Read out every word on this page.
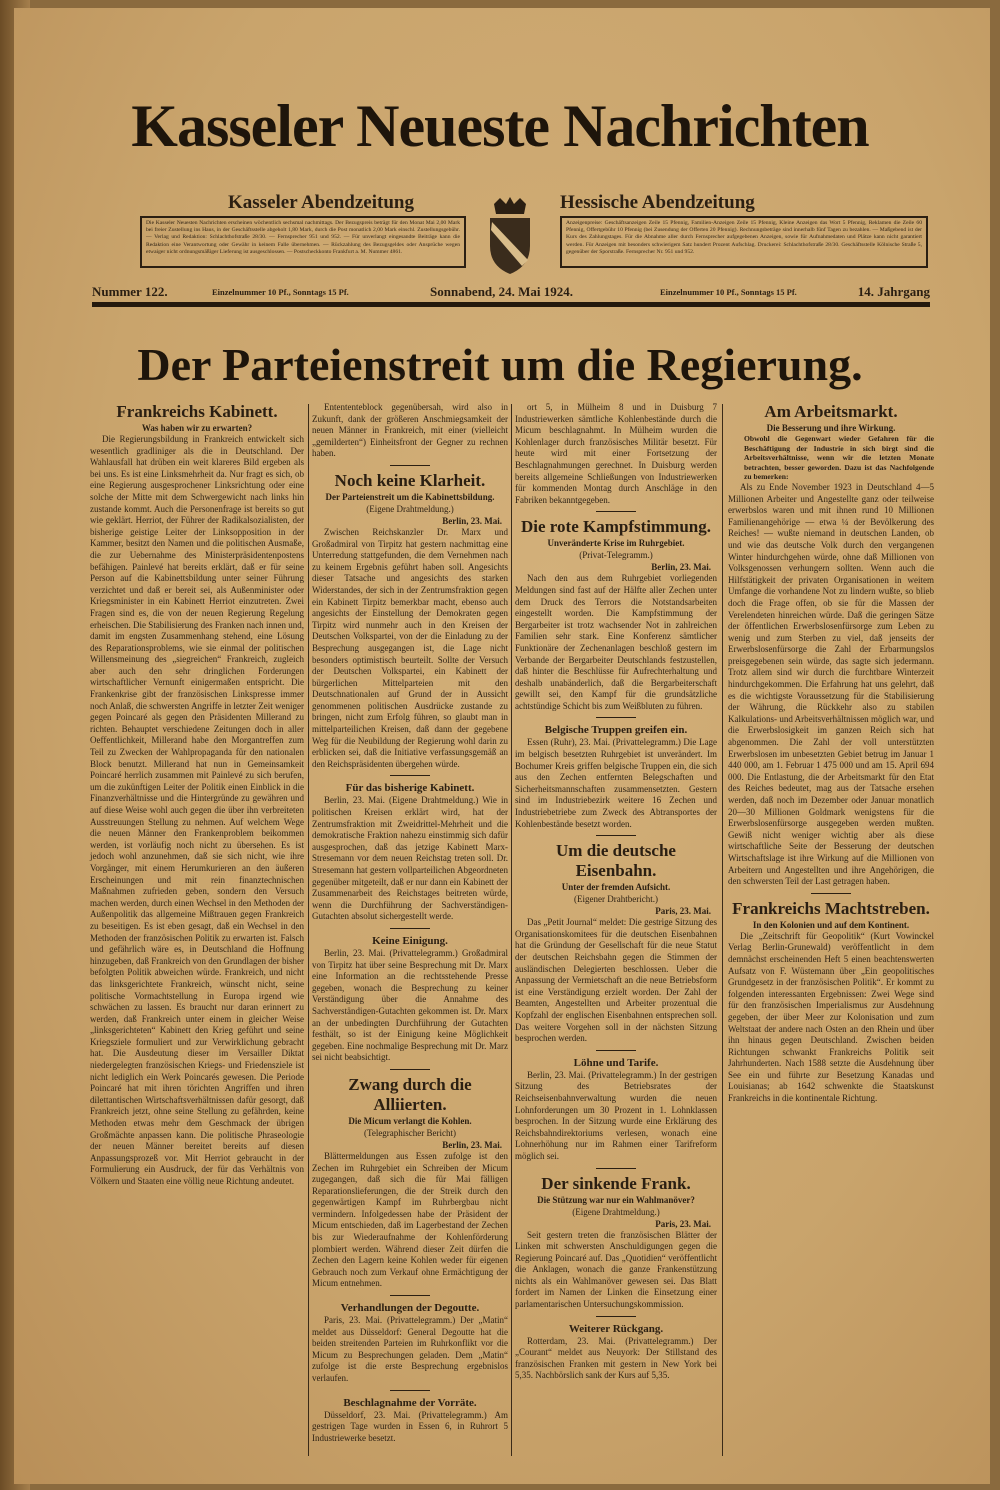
Kasseler Neueste Nachrichten
Kasseler Abendzeitung	Hessische Abendzeitung
Die Kasseler Neuesten Nachrichten erscheinen wöchentlich sechsmal nachmittags. Der Bezugspreis beträgt für den Monat Mai 2,00 Mark bei freier Zustellung ins Haus, in der Geschäftsstelle abgeholt 1,80 Mark, durch die Post monatlich 2,00 Mark einschl. Zustellungsgebühr. — Verlag und Redaktion: Schlachthofstraße 28/30. — Fernsprecher 951 und 952. — Für unverlangt eingesandte Beiträge kann die Redaktion eine Verantwortung oder Gewähr in keinem Falle übernehmen. — Rückzahlung des Bezugsgeldes oder Ansprüche wegen etwaiger nicht ordnungsmäßiger Lieferung ist ausgeschlossen. — Postscheckkonto Frankfurt a. M. Nummer 4861.
Anzeigenpreise: Geschäftsanzeigen Zeile 15 Pfennig, Familien-Anzeigen Zeile 15 Pfennig, Kleine Anzeigen das Wort 5 Pfennig, Reklamen die Zeile 60 Pfennig, Offertgebühr 10 Pfennig (bei Zusendung der Offerten 20 Pfennig). Rechnungsbeträge sind innerhalb fünf Tagen zu bezahlen. — Maßgebend ist der Kurs des Zahlungstages. Für die Abnahme aller durch Fernsprecher aufgegebenen Anzeigen, sowie für Aufnahmedaten und Plätze kann nicht garantiert werden. Für Anzeigen mit besonders schwierigem Satz hundert Prozent Aufschlag. Druckerei: Schlachthofstraße 28/30. Geschäftsstelle Kölnische Straße 5, gegenüber der Sporstraße. Fernsprecher Nr. 951 und 952.
Nummer 122.	Einzelnummer 10 Pf., Sonntags 15 Pf.	Sonnabend, 24. Mai 1924.	Einzelnummer 10 Pf., Sonntags 15 Pf.	14. Jahrgang
Der Parteienstreit um die Regierung.
Frankreichs Kabinett.
Was haben wir zu erwarten?
Die Regierungsbildung in Frankreich entwickelt sich wesentlich gradliniger als die in Deutschland. Der Wahlausfall hat drüben ein weit klareres Bild ergeben als bei uns. Es ist eine Linksmehrheit da. Nur fragt es sich, ob eine Regierung ausgesprochener Linksrichtung oder eine solche der Mitte mit dem Schwergewicht nach links hin zustande kommt. Auch die Personenfrage ist bereits so gut wie geklärt. Herriot, der Führer der Radikalsozialisten, der bisherige geistige Leiter der Linksopposition in der Kammer, besitzt den Namen und die politischen Ausmaße, die zur Uebernahme des Ministerpräsidentenpostens befähigen. Painlevé hat bereits erklärt, daß er für seine Person auf die Kabinettsbildung unter seiner Führung verzichtet und daß er bereit sei, als Außenminister oder Kriegsminister in ein Kabinett Herriot einzutreten. Zwei Fragen sind es, die von der neuen Regierung Regelung erheischen. Die Stabilisierung des Franken nach innen und, damit im engsten Zusammenhang stehend, eine Lösung des Reparationsproblems, wie sie einmal der politischen Willensmeinung des „siegreichen“ Frankreich, zugleich aber auch den sehr dringlichen Forderungen wirtschaftlicher Vernunft einigermaßen entspricht. Die Frankenkrise gibt der französischen Linkspresse immer noch Anlaß, die schwersten Angriffe in letzter Zeit weniger gegen Poincaré als gegen den Präsidenten Millerand zu richten. Behauptet verschiedene Zeitungen doch in aller Oeffentlichkeit, Millerand habe den Morgantreffen zum Teil zu Zwecken der Wahlpropaganda für den nationalen Block benutzt. Millerand hat nun in Gemeinsamkeit Poincaré herrlich zusammen mit Painlevé zu sich berufen, um die zukünftigen Leiter der Politik einen Einblick in die Finanzverhältnisse und die Hintergründe zu gewähren und auf diese Weise wohl auch gegen die über ihn verbreiteten Ausstreuungen Stellung zu nehmen. Auf welchem Wege die neuen Männer den Frankenproblem beikommen werden, ist vorläufig noch nicht zu übersehen. Es ist jedoch wohl anzunehmen, daß sie sich nicht, wie ihre Vorgänger, mit einem Herumkurieren an den äußeren Erscheinungen und mit rein finanztechnischen Maßnahmen zufrieden geben, sondern den Versuch machen werden, durch einen Wechsel in den Methoden der Außenpolitik das allgemeine Mißtrauen gegen Frankreich zu beseitigen. Es ist eben gesagt, daß ein Wechsel in den Methoden der französischen Politik zu erwarten ist. Falsch und gefährlich wäre es, in Deutschland die Hoffnung hinzugeben, daß Frankreich von den Grundlagen der bisher befolgten Politik abweichen würde. Frankreich, und nicht das linksgerichtete Frankreich, wünscht nicht, seine politische Vormachtstellung in Europa irgend wie schwächen zu lassen. Es braucht nur daran erinnert zu werden, daß Frankreich unter einem in gleicher Weise „linksgerichteten“ Kabinett den Krieg geführt und seine Kriegsziele formuliert und zur Verwirklichung gebracht hat. Die Ausdeutung dieser im Versailler Diktat niedergelegten französischen Kriegs- und Friedensziele ist nicht lediglich ein Werk Poincarés gewesen. Die Periode Poincaré hat mit ihren törichten Angriffen und ihren dilettantischen Wirtschaftsverhältnissen dafür gesorgt, daß Frankreich jetzt, ohne seine Stellung zu gefährden, keine Methoden etwas mehr dem Geschmack der übrigen Großmächte anpassen kann. Die politische Phraseologie der neuen Männer bereitet bereits auf diesen Anpassungsprozeß vor. Mit Herriot gebraucht in der Formulierung ein Ausdruck, der für das Verhältnis von Völkern und Staaten eine völlig neue Richtung andeutet.
Entententeblock gegenübersah, wird also in Zukunft, dank der größeren Anschmiegsamkeit der neuen Männer in Frankreich, mit einer (vielleicht „gemilderten“) Einheitsfront der Gegner zu rechnen haben.
Noch keine Klarheit.
Der Parteienstreit um die Kabinettsbildung.
(Eigene Drahtmeldung.)
Berlin, 23. Mai.
Zwischen Reichskanzler Dr. Marx und Großadmiral von Tirpitz hat gestern nachmittag eine Unterredung stattgefunden, die dem Vernehmen nach zu keinem Ergebnis geführt haben soll. Angesichts dieser Tatsache und angesichts des starken Widerstandes, der sich in der Zentrumsfraktion gegen ein Kabinett Tirpitz bemerkbar macht, ebenso auch angesichts der Einstellung der Demokraten gegen Tirpitz wird nunmehr auch in den Kreisen der Deutschen Volkspartei, von der die Einladung zu der Besprechung ausgegangen ist, die Lage nicht besonders optimistisch beurteilt. Sollte der Versuch der Deutschen Volkspartei, ein Kabinett der bürgerlichen Mittelparteien mit den Deutschnationalen auf Grund der in Aussicht genommenen politischen Ausdrücke zustande zu bringen, nicht zum Erfolg führen, so glaubt man in mittelparteilichen Kreisen, daß dann der gegebene Weg für die Neubildung der Regierung wohl darin zu erblicken sei, daß die Initiative verfassungsgemäß an den Reichspräsidenten übergehen würde.
Für das bisherige Kabinett.
Berlin, 23. Mai. (Eigene Drahtmeldung.) Wie in politischen Kreisen erklärt wird, hat der Zentrumsfraktion mit Zweidrittel-Mehrheit und die demokratische Fraktion nahezu einstimmig sich dafür ausgesprochen, daß das jetzige Kabinett Marx-Stresemann vor dem neuen Reichstag treten soll. Dr. Stresemann hat gestern vollparteilichen Abgeordneten gegenüber mitgeteilt, daß er nur dann ein Kabinett der Zusammenarbeit des Reichstages beitreten würde, wenn die Durchführung der Sachverständigen-Gutachten absolut sichergestellt werde.
Keine Einigung.
Berlin, 23. Mai. (Privattelegramm.) Großadmiral von Tirpitz hat über seine Besprechung mit Dr. Marx eine Information an die rechtsstehende Presse gegeben, wonach die Besprechung zu keiner Verständigung über die Annahme des Sachverständigen-Gutachten gekommen ist. Dr. Marx an der unbedingten Durchführung der Gutachten festhält, so ist der Einigung keine Möglichkeit gegeben. Eine nochmalige Besprechung mit Dr. Marz sei nicht beabsichtigt.
Zwang durch die Alliierten.
Die Micum verlangt die Kohlen.
(Telegraphischer Bericht)
Berlin, 23. Mai.
Blättermeldungen aus Essen zufolge ist den Zechen im Ruhrgebiet ein Schreiben der Micum zugegangen, daß sich die für Mai fälligen Reparationslieferungen, die der Streik durch den gegenwärtigen Kampf im Ruhrbergbau nicht vermindern. Infolgedessen habe der Präsident der Micum entschieden, daß im Lagerbestand der Zechen bis zur Wiederaufnahme der Kohlenförderung plombiert werden. Während dieser Zeit dürfen die Zechen den Lagern keine Kohlen weder für eigenen Gebrauch noch zum Verkauf ohne Ermächtigung der Micum entnehmen.
Verhandlungen der Degoutte.
Paris, 23. Mai. (Privattelegramm.) Der „Matin“ meldet aus Düsseldorf: General Degoutte hat die beiden streitenden Parteien im Ruhrkonflikt vor die Micum zu Besprechungen geladen. Dem „Matin“ zufolge ist die erste Besprechung ergebnislos verlaufen.
Beschlagnahme der Vorräte.
Düsseldorf, 23. Mai. (Privattelegramm.) Am gestrigen Tage wurden in Essen 6, in Ruhrort 5 Industriewerke besetzt.
ort 5, in Mülheim 8 und in Duisburg 7 Industriewerken sämtliche Kohlenbestände durch die Micum beschlagnahmt. In Mülheim wurden die Kohlenlager durch französisches Militär besetzt. Für heute wird mit einer Fortsetzung der Beschlagnahmungen gerechnet. In Duisburg werden bereits allgemeine Schließungen von Industriewerken für kommenden Montag durch Anschläge in den Fabriken bekanntgegeben.
Die rote Kampfstimmung.
Unveränderte Krise im Ruhrgebiet.
(Privat-Telegramm.)
Berlin, 23. Mai.
Nach den aus dem Ruhrgebiet vorliegenden Meldungen sind fast auf der Hälfte aller Zechen unter dem Druck des Terrors die Notstandsarbeiten eingestellt worden. Die Kampfstimmung der Bergarbeiter ist trotz wachsender Not in zahlreichen Familien sehr stark. Eine Konferenz sämtlicher Funktionäre der Zechenanlagen beschloß gestern im Verbande der Bergarbeiter Deutschlands festzustellen, daß hinter die Beschlüsse für Aufrechterhaltung und deshalb unabänderlich, daß die Bergarbeiterschaft gewillt sei, den Kampf für die grundsätzliche achtstündige Schicht bis zum Weißbluten zu führen.
Belgische Truppen greifen ein.
Essen (Ruhr), 23. Mai. (Privattelegramm.) Die Lage im belgisch besetzten Ruhrgebiet ist unverändert. Im Bochumer Kreis griffen belgische Truppen ein, die sich aus den Zechen entfernten Belegschaften und Sicherheitsmannschaften zusammensetzten. Gestern sind im Industriebezirk weitere 16 Zechen und Industriebetriebe zum Zweck des Abtransportes der Kohlenbestände besetzt worden.
Um die deutsche Eisenbahn.
Unter der fremden Aufsicht.
(Eigener Drahtbericht.)
Paris, 23. Mai.
Das „Petit Journal“ meldet: Die gestrige Sitzung des Organisationskomitees für die deutschen Eisenbahnen hat die Gründung der Gesellschaft für die neue Statut der deutschen Reichsbahn gegen die Stimmen der ausländischen Delegierten beschlossen. Ueber die Anpassung der Vermietschaft an die neue Betriebsform ist eine Verständigung erzielt worden. Der Zahl der Beamten, Angestellten und Arbeiter prozentual die Kopfzahl der englischen Eisenbahnen entsprechen soll. Das weitere Vorgehen soll in der nächsten Sitzung besprochen werden.
Löhne und Tarife.
Berlin, 23. Mai. (Privattelegramm.) In der gestrigen Sitzung des Betriebsrates der Reichseisenbahnverwaltung wurden die neuen Lohnforderungen um 30 Prozent in 1. Lohnklassen besprochen. In der Sitzung wurde eine Erklärung des Reichsbahndirektoriums verlesen, wonach eine Lohnerhöhung nur im Rahmen einer Tarifreform möglich sei.
Der sinkende Frank.
Die Stützung war nur ein Wahlmanöver?
(Eigene Drahtmeldung.)
Paris, 23. Mai.
Seit gestern treten die französischen Blätter der Linken mit schwersten Anschuldigungen gegen die Regierung Poincaré auf. Das „Quotidien“ veröffentlicht die Anklagen, wonach die ganze Frankenstützung nichts als ein Wahlmanöver gewesen sei. Das Blatt fordert im Namen der Linken die Einsetzung einer parlamentarischen Untersuchungskommission.
Weiterer Rückgang.
Rotterdam, 23. Mai. (Privattelegramm.) Der „Courant“ meldet aus Neuyork: Der Stillstand des französischen Franken mit gestern in New York bei 5,35. Nachbörslich sank der Kurs auf 5,35.
Am Arbeitsmarkt.
Die Besserung und ihre Wirkung.
Obwohl die Gegenwart wieder Gefahren für die Beschäftigung der Industrie in sich birgt sind die Arbeitsverhältnisse, wenn wir die letzten Monate betrachten, besser geworden. Dazu ist das Nachfolgende zu bemerken:
Als zu Ende November 1923 in Deutschland 4—5 Millionen Arbeiter und Angestellte ganz oder teilweise erwerbslos waren und mit ihnen rund 10 Millionen Familienangehörige — etwa ¼ der Bevölkerung des Reiches! — wußte niemand in deutschen Landen, ob und wie das deutsche Volk durch den vergangenen Winter hindurchgehen würde, ohne daß Millionen von Volksgenossen verhungern sollten. Wenn auch die Hilfstätigkeit der privaten Organisationen in weitem Umfange die vorhandene Not zu lindern wußte, so blieb doch die Frage offen, ob sie für die Massen der Verelendeten hinreichen würde. Daß die geringen Sätze der öffentlichen Erwerbslosenfürsorge zum Leben zu wenig und zum Sterben zu viel, daß jenseits der Erwerbslosenfürsorge die Zahl der Erbarmungslos preisgegebenen sein würde, das sagte sich jedermann. Trotz allem sind wir durch die furchtbare Winterzeit hindurchgekommen. Die Erfahrung hat uns gelehrt, daß es die wichtigste Voraussetzung für die Stabilisierung der Währung, die Rückkehr also zu stabilen Kalkulations- und Arbeitsverhältnissen möglich war, und die Erwerbslosigkeit im ganzen Reich sich hat abgenommen. Die Zahl der voll unterstützten Erwerbslosen im unbesetzten Gebiet betrug im Januar 1 440 000, am 1. Februar 1 475 000 und am 15. April 694 000. Die Entlastung, die der Arbeitsmarkt für den Etat des Reiches bedeutet, mag aus der Tatsache ersehen werden, daß noch im Dezember oder Januar monatlich 20—30 Millionen Goldmark wenigstens für die Erwerbslosenfürsorge ausgegeben werden mußten. Gewiß nicht weniger wichtig aber als diese wirtschaftliche Seite der Besserung der deutschen Wirtschaftslage ist ihre Wirkung auf die Millionen von Arbeitern und Angestellten und ihre Angehörigen, die den schwersten Teil der Last getragen haben.
Frankreichs Machtstreben.
In den Kolonien und auf dem Kontinent.
Die „Zeitschrift für Geopolitik“ (Kurt Vowinckel Verlag Berlin-Grunewald) veröffentlicht in dem demnächst erscheinenden Heft 5 einen beachtenswerten Aufsatz von F. Wüstemann über „Ein geopolitisches Grundgesetz in der französischen Politik“. Er kommt zu folgenden interessanten Ergebnissen: Zwei Wege sind für den französischen Imperialismus zur Ausdehnung gegeben, der über Meer zur Kolonisation und zum Weltstaat der andere nach Osten an den Rhein und über ihn hinaus gegen Deutschland. Zwischen beiden Richtungen schwankt Frankreichs Politik seit Jahrhunderten. Nach 1588 setzte die Ausdehnung über See ein und führte zur Besetzung Kanadas und Louisianas; ab 1642 schwenkte die Staatskunst Frankreichs in die kontinentale Richtung.
